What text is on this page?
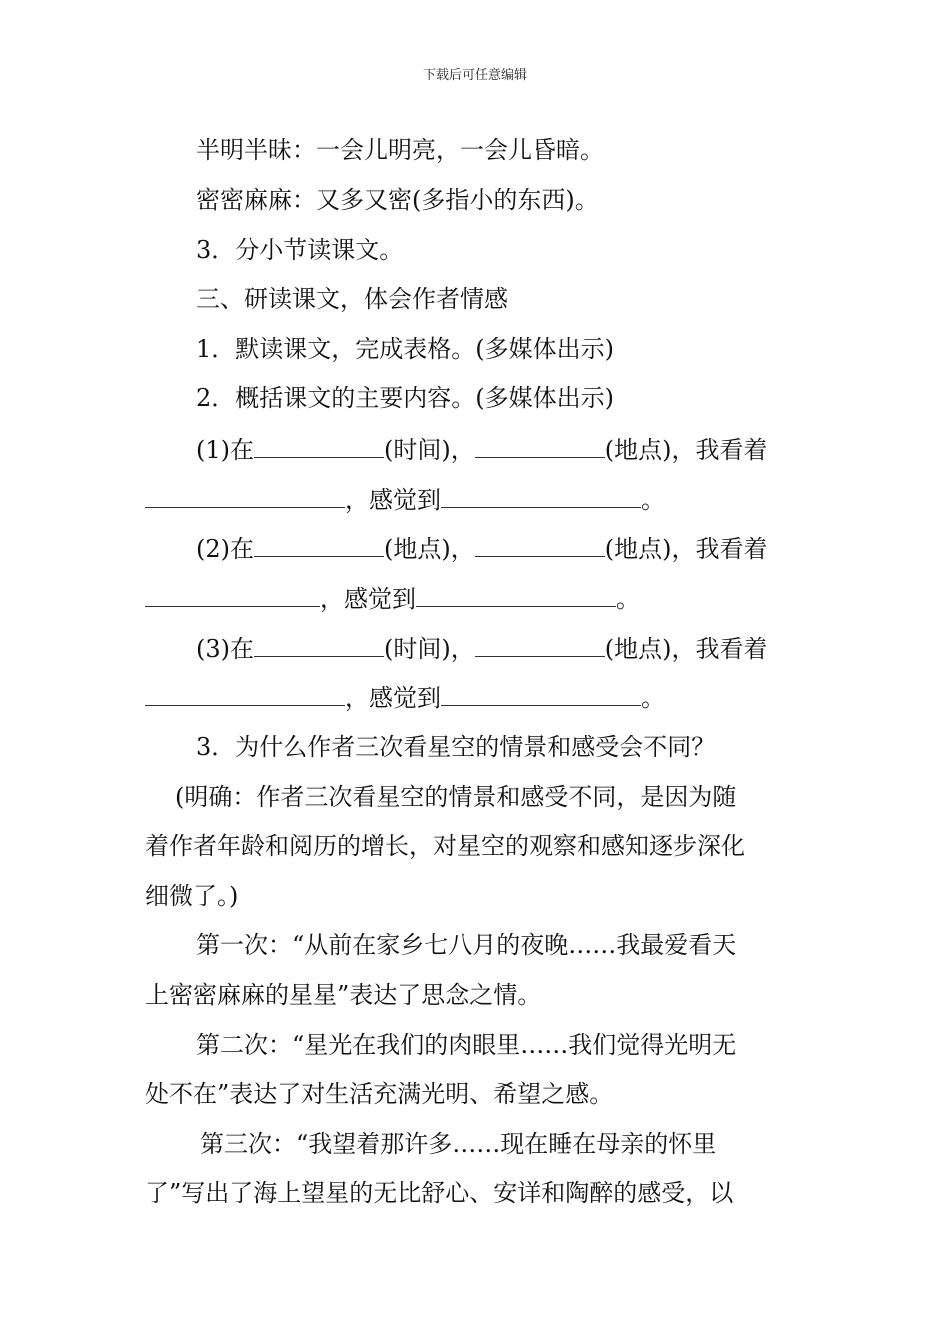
下载后可任意编辑
半明半昧：一会儿明亮，一会儿昏暗。
密密麻麻：又多又密(多指小的东西)。
3．分小节读课文。
三、研读课文，体会作者情感
1．默读课文，完成表格。(多媒体出示)
2．概括课文的主要内容。(多媒体出示)
(1)在	(时间)，	(地点)，我看着
，感觉到	。
(2)在	(地点)，	(地点)，我看着
，感觉到	。
(3)在	(时间)，	(地点)，我看着
，感觉到	。
3．为什么作者三次看星空的情景和感受会不同？
(明确：作者三次看星空的情景和感受不同，是因为随
着作者年龄和阅历的增长，对星空的观察和感知逐步深化
细微了。)
第一次：“从前在家乡七八月的夜晚……我最爱看天
上密密麻麻的星星”表达了思念之情。
第二次：“星光在我们的肉眼里……我们觉得光明无
处不在”表达了对生活充满光明、希望之感。
第三次：“我望着那许多……现在睡在母亲的怀里
了”写出了海上望星的无比舒心、安详和陶醉的感受，以
